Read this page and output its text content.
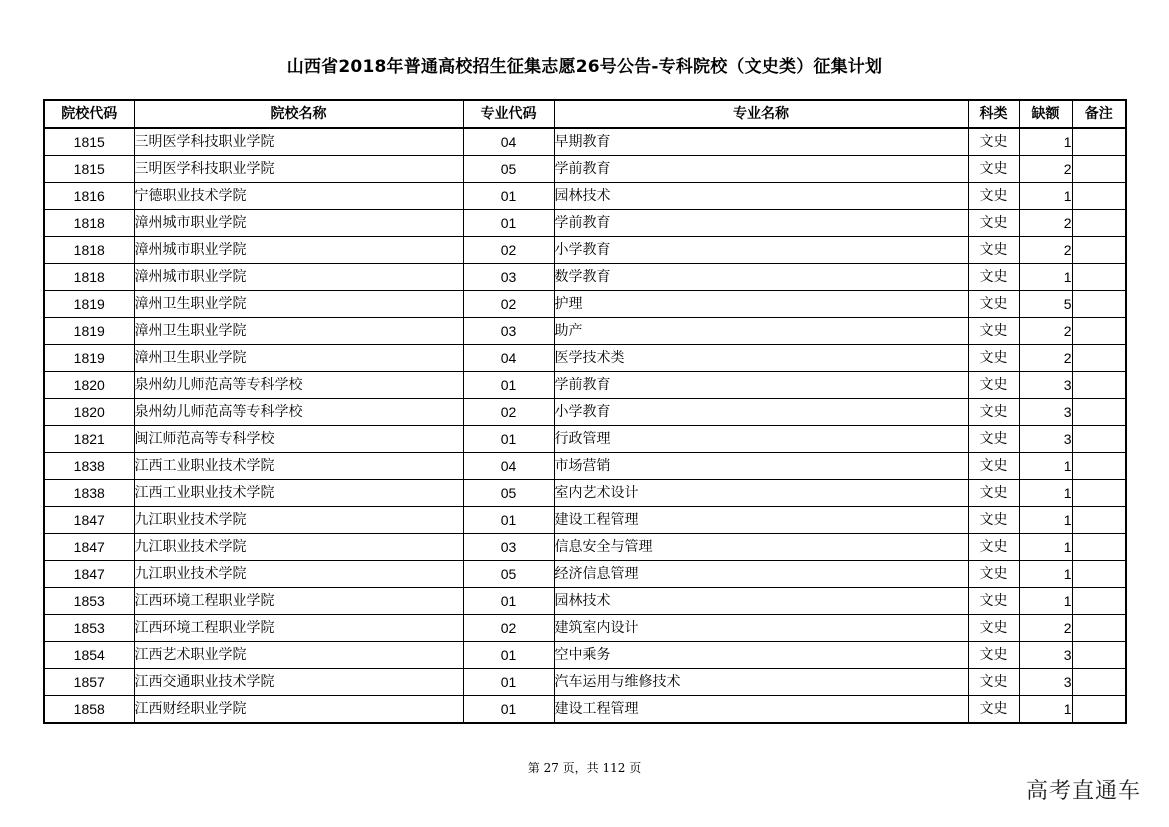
山西省2018年普通高校招生征集志愿26号公告-专科院校（文史类）征集计划
院校代码	院校名称	专业代码	专业名称	科类	缺额	备注
1815	三明医学科技职业学院	04	早期教育	文史	1	
1815	三明医学科技职业学院	05	学前教育	文史	2	
1816	宁德职业技术学院	01	园林技术	文史	1	
1818	漳州城市职业学院	01	学前教育	文史	2	
1818	漳州城市职业学院	02	小学教育	文史	2	
1818	漳州城市职业学院	03	数学教育	文史	1	
1819	漳州卫生职业学院	02	护理	文史	5	
1819	漳州卫生职业学院	03	助产	文史	2	
1819	漳州卫生职业学院	04	医学技术类	文史	2	
1820	泉州幼儿师范高等专科学校	01	学前教育	文史	3	
1820	泉州幼儿师范高等专科学校	02	小学教育	文史	3	
1821	闽江师范高等专科学校	01	行政管理	文史	3	
1838	江西工业职业技术学院	04	市场营销	文史	1	
1838	江西工业职业技术学院	05	室内艺术设计	文史	1	
1847	九江职业技术学院	01	建设工程管理	文史	1	
1847	九江职业技术学院	03	信息安全与管理	文史	1	
1847	九江职业技术学院	05	经济信息管理	文史	1	
1853	江西环境工程职业学院	01	园林技术	文史	1	
1853	江西环境工程职业学院	02	建筑室内设计	文史	2	
1854	江西艺术职业学院	01	空中乘务	文史	3	
1857	江西交通职业技术学院	01	汽车运用与维修技术	文史	3	
1858	江西财经职业学院	01	建设工程管理	文史	1	
第 27 页，共 112 页
高考直通车
